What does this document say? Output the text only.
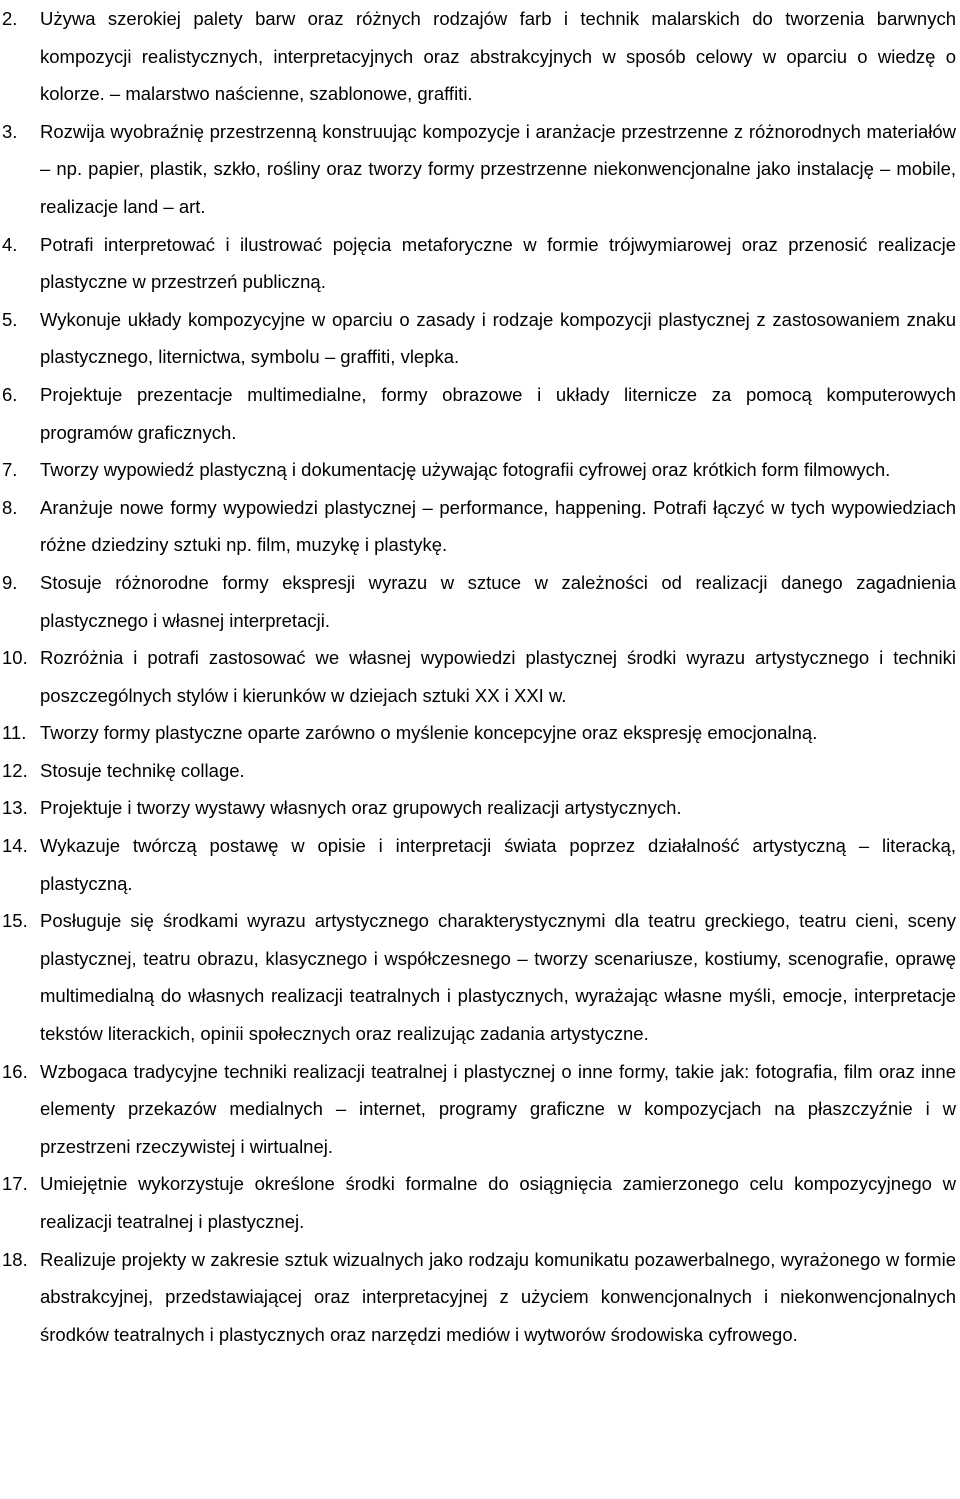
2.	Używa szerokiej palety barw oraz różnych rodzajów farb i technik malarskich do tworzenia barwnych kompozycji realistycznych, interpretacyjnych oraz abstrakcyjnych w sposób celowy w oparciu o wiedzę o kolorze. – malarstwo naścienne, szablonowe, graffiti.
3.	Rozwija wyobraźnię przestrzenną konstruując kompozycje i aranżacje przestrzenne z różnorodnych materiałów – np. papier, plastik, szkło, rośliny oraz tworzy formy przestrzenne niekonwencjonalne jako instalację – mobile, realizacje land – art.
4.	Potrafi interpretować i ilustrować pojęcia metaforyczne w formie trójwymiarowej oraz przenosić realizacje plastyczne w przestrzeń publiczną.
5.	Wykonuje układy kompozycyjne w oparciu o zasady i rodzaje kompozycji plastycznej z zastosowaniem znaku plastycznego, liternictwa, symbolu – graffiti, vlepka.
6.	Projektuje prezentacje multimedialne, formy obrazowe i układy liternicze za pomocą komputerowych programów graficznych.
7.	Tworzy wypowiedź plastyczną i dokumentację używając fotografii cyfrowej oraz krótkich form filmowych.
8.	Aranżuje nowe formy wypowiedzi plastycznej – performance, happening. Potrafi łączyć w tych wypowiedziach różne dziedziny sztuki np. film, muzykę i plastykę.
9.	Stosuje różnorodne formy ekspresji wyrazu w sztuce w zależności od realizacji danego zagadnienia plastycznego i własnej interpretacji.
10. Rozróżnia i potrafi zastosować we własnej wypowiedzi plastycznej środki wyrazu artystycznego i techniki poszczególnych stylów i kierunków w dziejach sztuki XX i XXI w.
11. Tworzy formy plastyczne oparte zarówno o myślenie koncepcyjne oraz ekspresję emocjonalną.
12. Stosuje technikę collage.
13. Projektuje i tworzy wystawy własnych oraz grupowych realizacji artystycznych.
14. Wykazuje twórczą postawę w opisie i interpretacji świata poprzez działalność artystyczną – literacką, plastyczną.
15. Posługuje się środkami wyrazu artystycznego charakterystycznymi dla teatru greckiego, teatru cieni, sceny plastycznej, teatru obrazu, klasycznego i współczesnego – tworzy scenariusze, kostiumy, scenografie, oprawę multimedialną do własnych realizacji teatralnych i plastycznych, wyrażając własne myśli, emocje, interpretacje tekstów literackich, opinii społecznych oraz realizując zadania artystyczne.
16. Wzbogaca tradycyjne techniki realizacji teatralnej i plastycznej o inne formy, takie jak: fotografia, film oraz inne elementy przekazów medialnych – internet, programy graficzne w kompozycjach na płaszczyźnie i w przestrzeni rzeczywistej i wirtualnej.
17. Umiejętnie wykorzystuje określone środki formalne do osiągnięcia zamierzonego celu kompozycyjnego w realizacji teatralnej i plastycznej.
18. Realizuje projekty w zakresie sztuk wizualnych jako rodzaju komunikatu pozawerbalnego, wyrażonego w formie abstrakcyjnej, przedstawiającej oraz interpretacyjnej z użyciem konwencjonalnych i niekonwencjonalnych środków teatralnych i plastycznych oraz narzędzi mediów i wytworów środowiska cyfrowego.
